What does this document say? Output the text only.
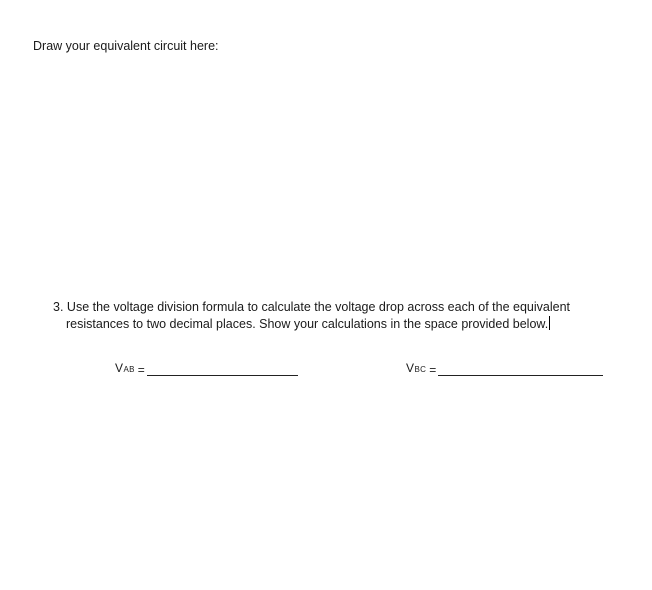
Draw your equivalent circuit here:
3. Use the voltage division formula to calculate the voltage drop across each of the equivalent
resistances to two decimal places. Show your calculations in the space provided below.
VAB =	VBC =
